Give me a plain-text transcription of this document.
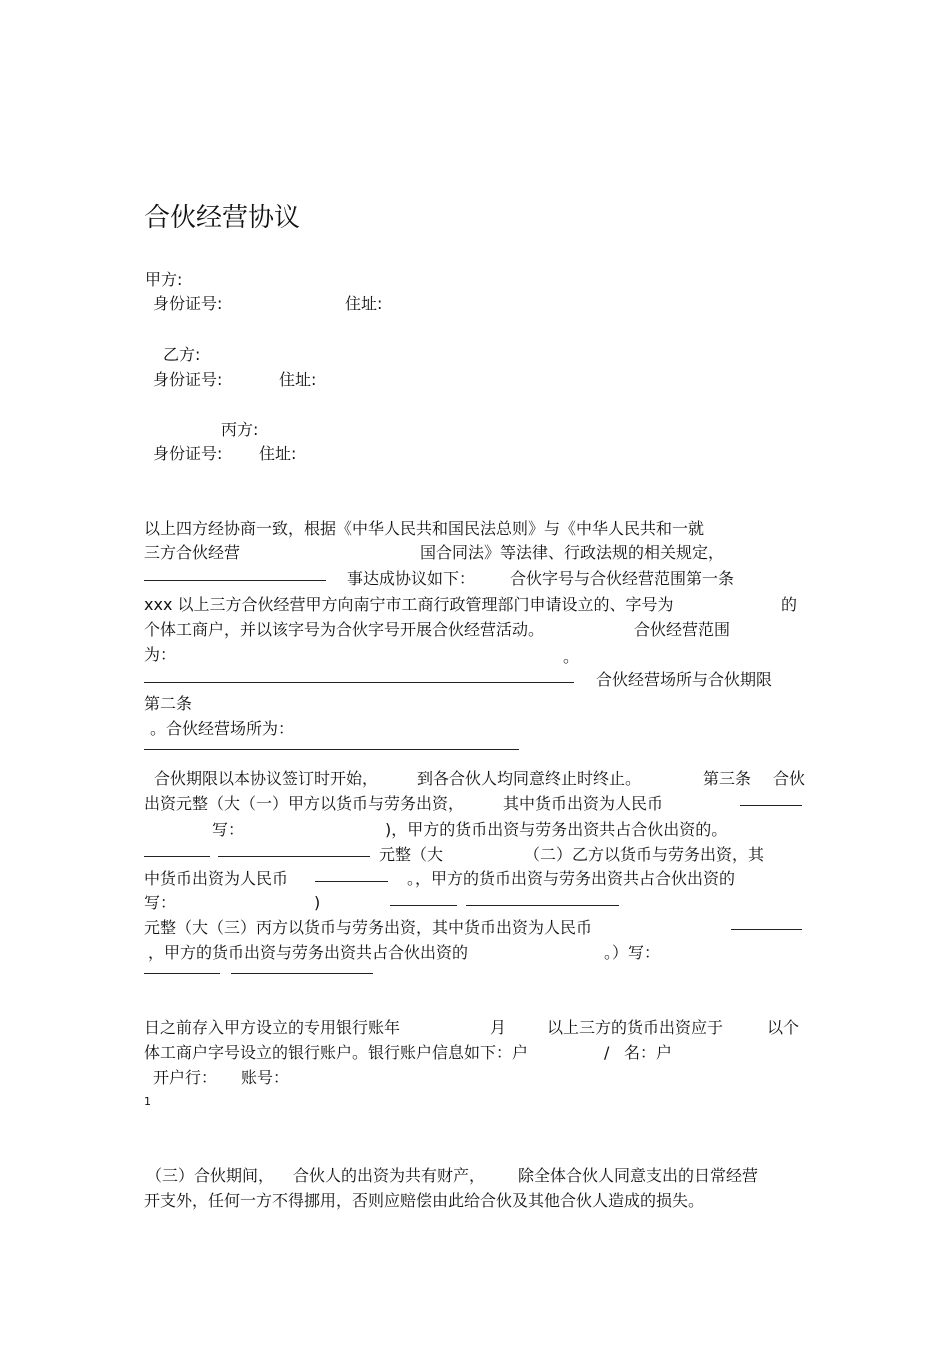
合伙经营协议
甲方:
身份证号:	住址:
乙方:
身份证号:	住址:
丙方:
身份证号: 住址:
以上四方经协商一致，根据《中华人民共和国民法总则》与《中华人民共和一就
三方合伙经营	国合同法》等法律、行政法规的相关规定，
事达成协议如下： 合伙字号与合伙经营范围第一条
xxx 以上三方合伙经营甲方向南宁市工商行政管理部门申请设立的、字号为	的
个体工商户，并以该字号为合伙字号开展合伙经营活动。	合伙经营范围
为：	。
合伙经营场所与合伙期限
第二条
。合伙经营场所为：
合伙期限以本协议签订时开始， 到各合伙人均同意终止时终止。	第三条 合伙
出资元整（大（一）甲方以货币与劳务出资， 其中货币出资为人民币
写：	)，甲方的货币出资与劳务出资共占合伙出资的。
元整（大	（二）乙方以货币与劳务出资，其
中货币出资为人民币	。，甲方的货币出资与劳务出资共占合伙出资的
写：	)
元整（大（三）丙方以货币与劳务出资，其中货币出资为人民币
，甲方的货币出资与劳务出资共占合伙出资的	。）写：
日之前存入甲方设立的专用银行账年	月	以上三方的货币出资应于	以个
体工商户字号设立的银行账户。银行账户信息如下：户	/ 名：户
开户行： 账号：
1
（三）合伙期间， 合伙人的出资为共有财产， 除全体合伙人同意支出的日常经营
开支外，任何一方不得挪用，否则应赔偿由此给合伙及其他合伙人造成的损失。
